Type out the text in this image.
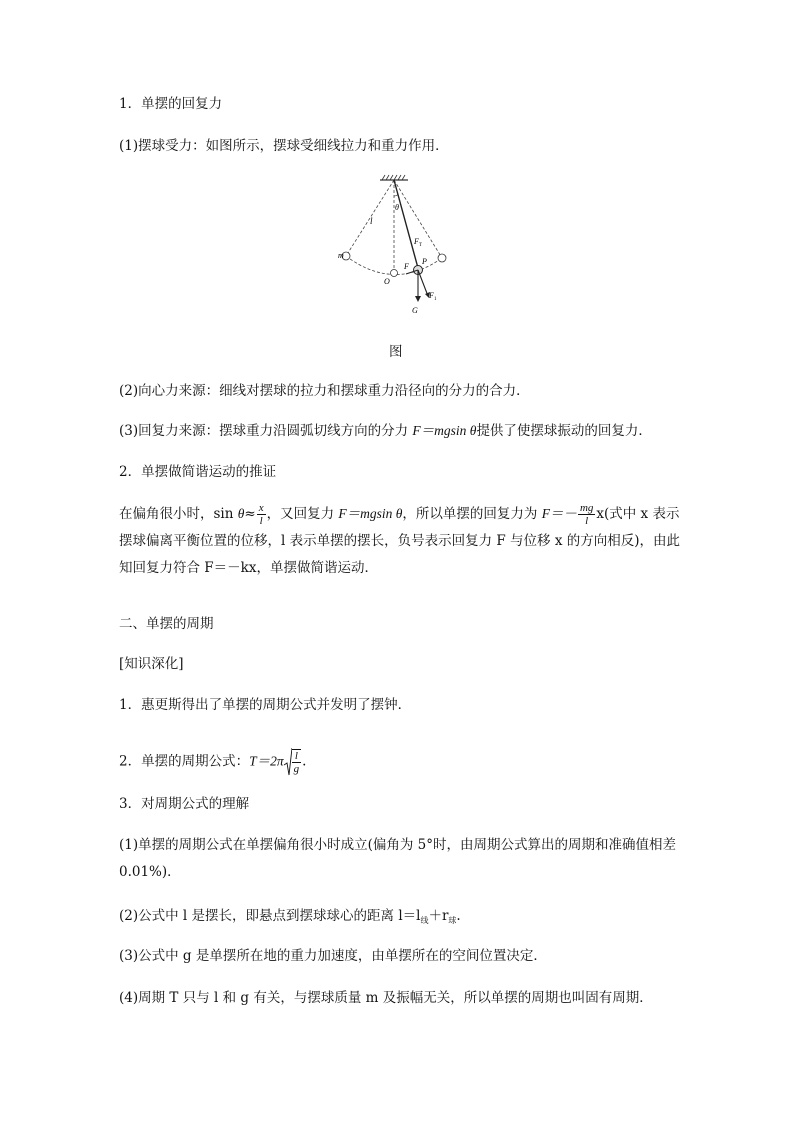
1．单摆的回复力
(1)摆球受力：如图所示，摆球受细线拉力和重力作用．
θ
l
m
F T
F
P
O
F 1
G
图
(2)向心力来源：细线对摆球的拉力和摆球重力沿径向的分力的合力．
(3)回复力来源：摆球重力沿圆弧切线方向的分力 F＝mgsin θ提供了使摆球振动的回复力．
2．单摆做简谐运动的推证
在偏角很小时，$\sin \theta\approx \frac{x}{l}$ ，又回复力 F＝mgsin θ，所以单摆的回复力为 $F=- \frac{mg}{l} x$(式中 x 表示摆球偏离平衡位置的位移，l 表示单摆的摆长，负号表示回复力 F 与位移 x 的方向相反)，由此知回复力符合 F＝－kx，单摆做简谐运动．
二、单摆的周期
[知识深化]
1．惠更斯得出了单摆的周期公式并发明了摆钟．
2．单摆的周期公式：$T=2\pi \frac{l}{g}$ .
3．对周期公式的理解
(1)单摆的周期公式在单摆偏角很小时成立(偏角为 5°时，由周期公式算出的周期和准确值相差 0.01%)．
(2)公式中 l 是摆长，即悬点到摆球球心的距离 $l=l_线+r_球$.
(3)公式中 g 是单摆所在地的重力加速度，由单摆所在的空间位置决定．
(4)周期 T 只与 l 和 g 有关，与摆球质量 m 及振幅无关，所以单摆的周期也叫固有周期．
